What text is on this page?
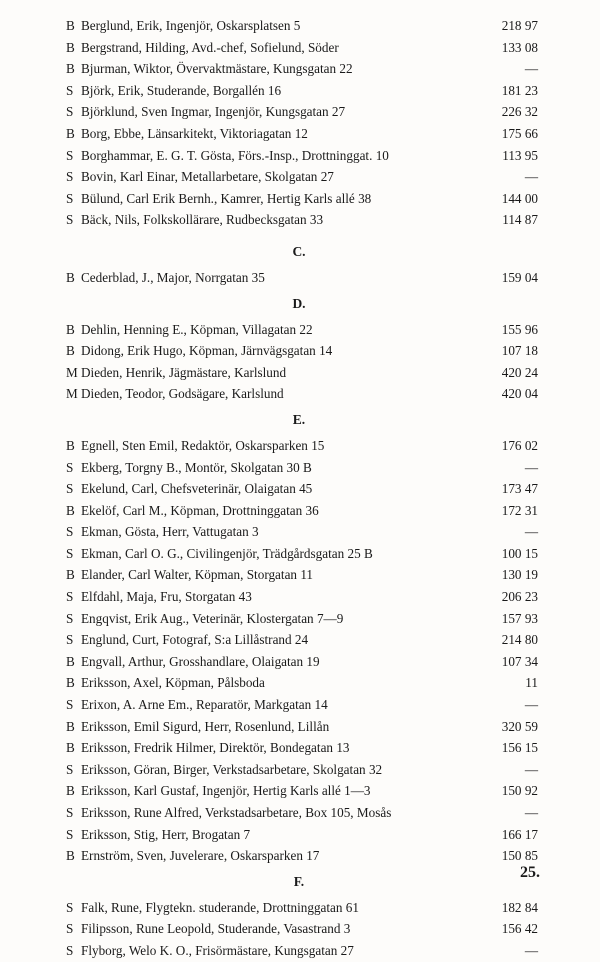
B Berglund, Erik, Ingenjör, Oskarsplatsen 5	218 97
B Bergstrand, Hilding, Avd.-chef, Sofielund, Söder	133 08
B Bjurman, Wiktor, Övervaktmästare, Kungsgatan 22	—
S Björk, Erik, Studerande, Borgallén 16	181 23
S Björklund, Sven Ingmar, Ingenjör, Kungsgatan 27	226 32
B Borg, Ebbe, Länsarkitekt, Viktoriagatan 12	175 66
S Borghammar, E. G. T. Gösta, Förs.-Insp., Drottninggat. 10	113 95
S Bovin, Karl Einar, Metallarbetare, Skolgatan 27	—
S Bülund, Carl Erik Bernh., Kamrer, Hertig Karls allé 38	144 00
S Bäck, Nils, Folkskollärare, Rudbecksgatan 33	114 87
C.
B Cederblad, J., Major, Norrgatan 35	159 04
D.
B Dehlin, Henning E., Köpman, Villagatan 22	155 96
B Didong, Erik Hugo, Köpman, Järnvägsgatan 14	107 18
M Dieden, Henrik, Jägmästare, Karlslund	420 24
M Dieden, Teodor, Godsägare, Karlslund	420 04
E.
B Egnell, Sten Emil, Redaktör, Oskarsparken 15	176 02
S Ekberg, Torgny B., Montör, Skolgatan 30 B	—
S Ekelund, Carl, Chefsveterinär, Olaigatan 45	173 47
B Ekelöf, Carl M., Köpman, Drottninggatan 36	172 31
S Ekman, Gösta, Herr, Vattugatan 3	—
S Ekman, Carl O. G., Civilingenjör, Trädgårdsgatan 25 B	100 15
B Elander, Carl Walter, Köpman, Storgatan 11	130 19
S Elfdahl, Maja, Fru, Storgatan 43	206 23
S Engqvist, Erik Aug., Veterinär, Klostergatan 7—9	157 93
S Englund, Curt, Fotograf, S:a Lillåstrand 24	214 80
B Engvall, Arthur, Grosshandlare, Olaigatan 19	107 34
B Eriksson, Axel, Köpman, Pålsboda	11
S Erixon, A. Arne Em., Reparatör, Markgatan 14	—
B Eriksson, Emil Sigurd, Herr, Rosenlund, Lillån	320 59
B Eriksson, Fredrik Hilmer, Direktör, Bondegatan 13	156 15
S Eriksson, Göran, Birger, Verkstadsarbetare, Skolgatan 32	—
B Eriksson, Karl Gustaf, Ingenjör, Hertig Karls allé 1—3	150 92
S Eriksson, Rune Alfred, Verkstadsarbetare, Box 105, Mosås	—
S Eriksson, Stig, Herr, Brogatan 7	166 17
B Ernström, Sven, Juvelerare, Oskarsparken 17	150 85
F.
S Falk, Rune, Flygtekn. studerande, Drottninggatan 61	182 84
S Filipsson, Rune Leopold, Studerande, Vasastrand 3	156 42
S Flyborg, Welo K. O., Frisörmästare, Kungsgatan 27	—
25.
